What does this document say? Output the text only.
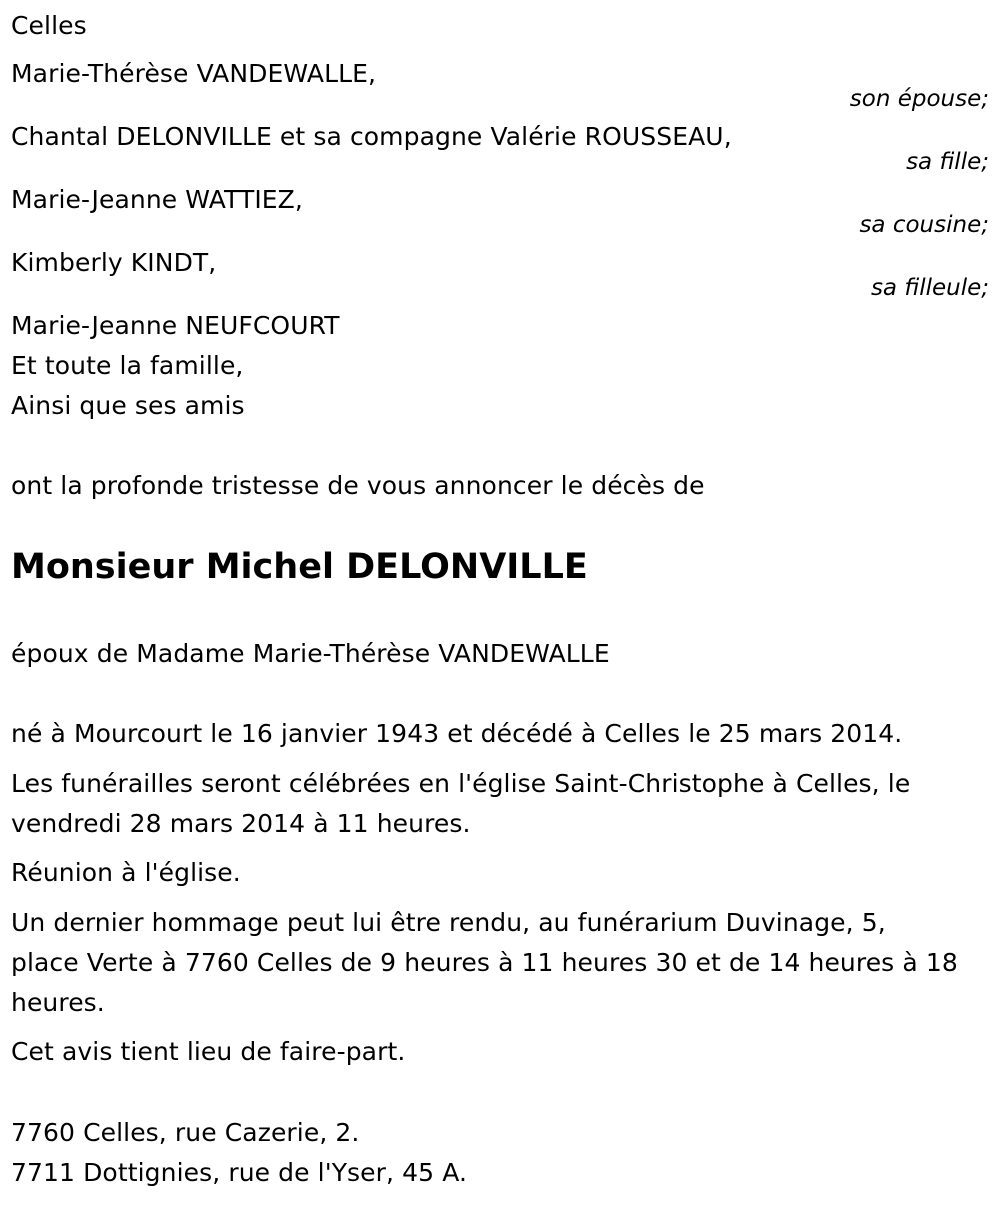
Celles
Marie-Thérèse VANDEWALLE,
son épouse;
Chantal DELONVILLE et sa compagne Valérie ROUSSEAU,
sa fille;
Marie-Jeanne WATTIEZ,
sa cousine;
Kimberly KINDT,
sa filleule;
Marie-Jeanne NEUFCOURT
Et toute la famille,
Ainsi que ses amis
ont la profonde tristesse de vous annoncer le décès de
Monsieur Michel DELONVILLE
époux de Madame Marie-Thérèse VANDEWALLE
né à Mourcourt le 16 janvier 1943 et décédé à Celles le 25 mars 2014.
Les funérailles seront célébrées en l'église Saint-Christophe à Celles, le
vendredi 28 mars 2014 à 11 heures.
Réunion à l'église.
Un dernier hommage peut lui être rendu, au funérarium Duvinage, 5,
place Verte à 7760 Celles de 9 heures à 11 heures 30 et de 14 heures à 18
heures.
Cet avis tient lieu de faire-part.
7760 Celles, rue Cazerie, 2.
7711 Dottignies, rue de l'Yser, 45 A.
